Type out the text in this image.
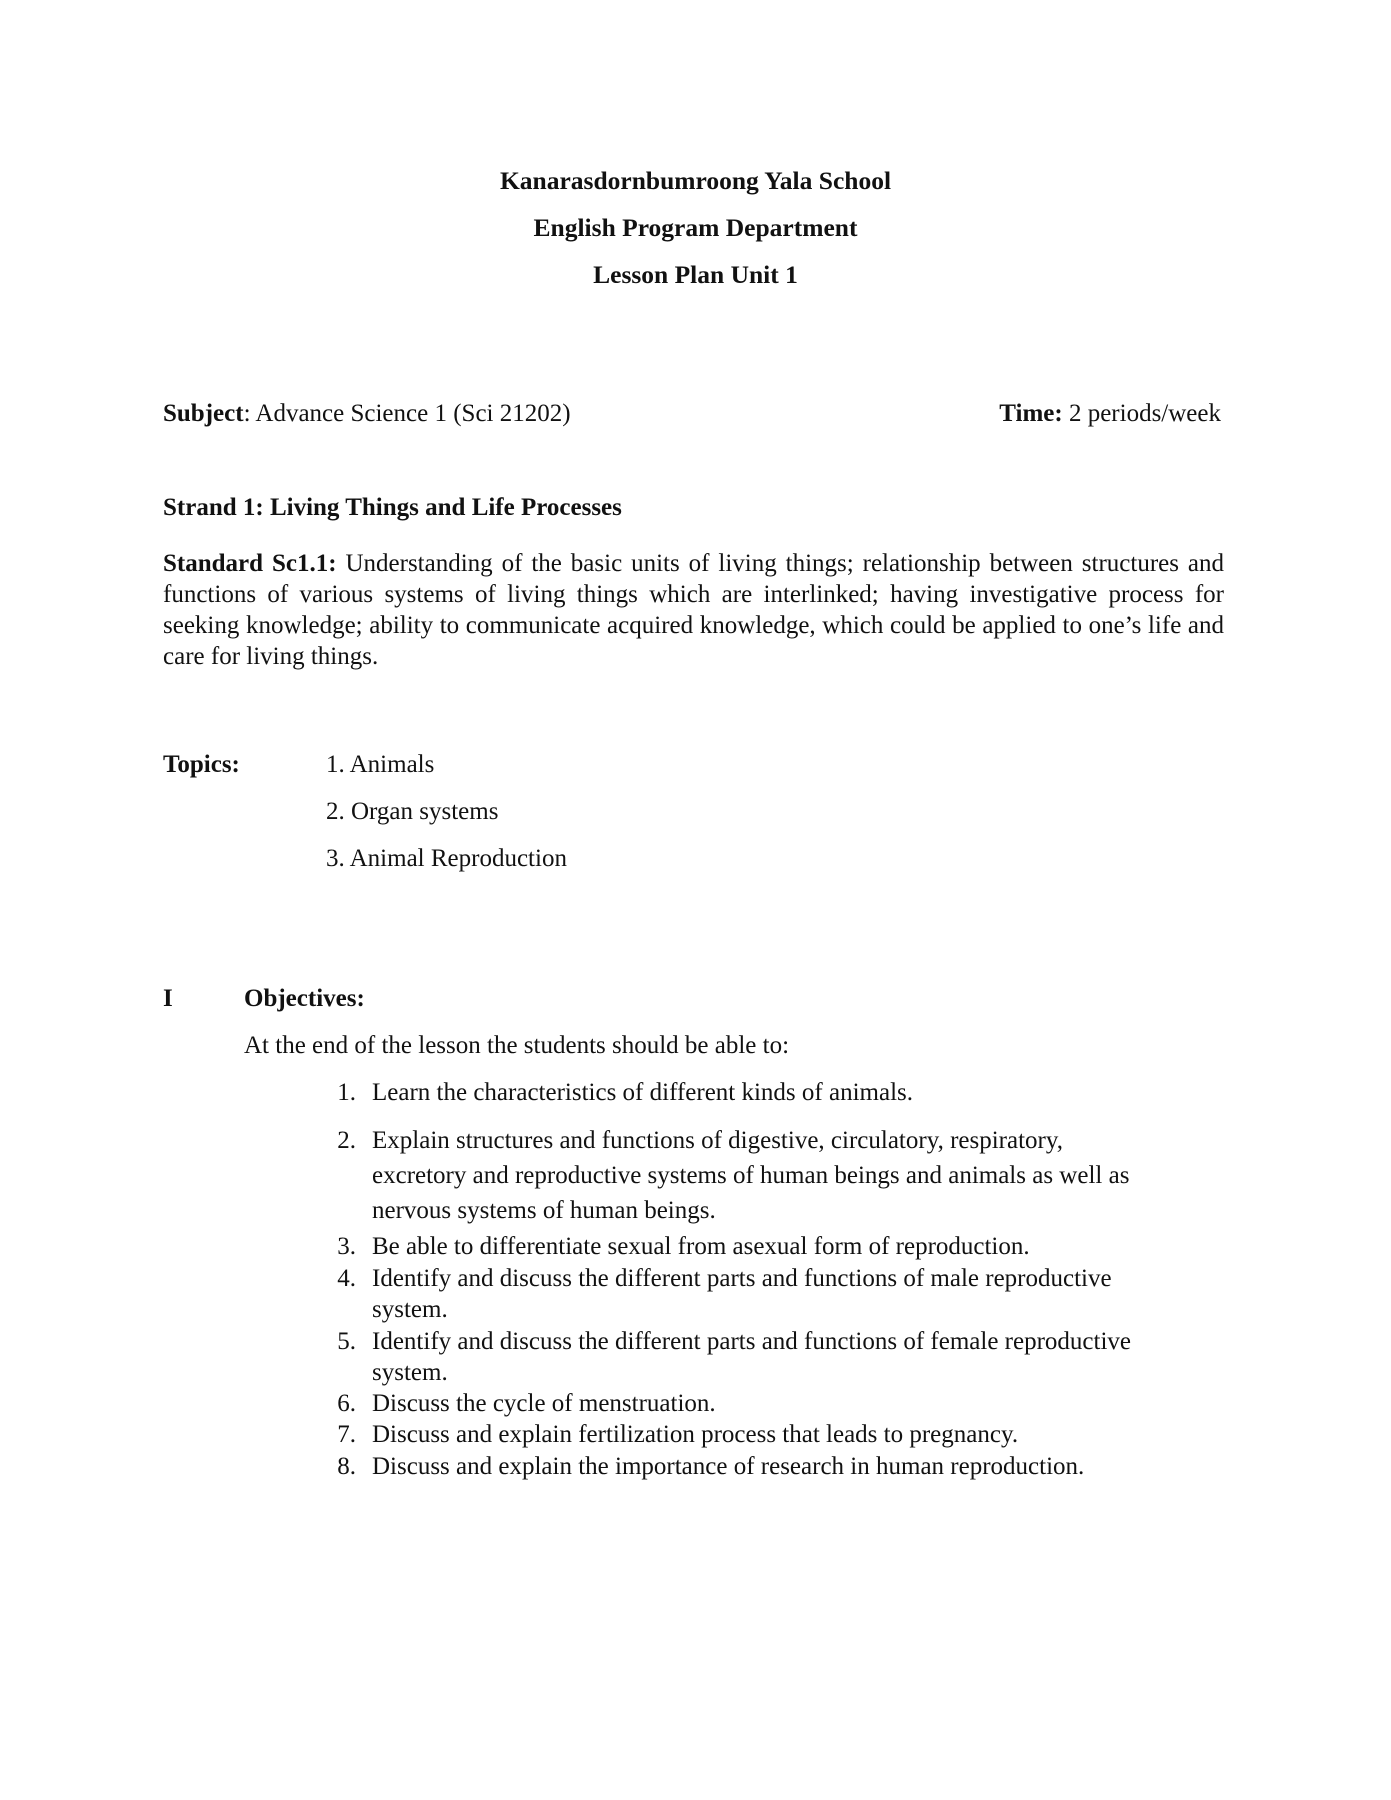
Kanarasdornbumroong Yala School
English Program Department
Lesson Plan Unit 1
Subject: Advance Science 1 (Sci 21202)	Time: 2 periods/week
Strand 1: Living Things and Life Processes
Standard Sc1.1: Understanding of the basic units of living things; relationship between structures and functions of various systems of living things which are interlinked; having investigative process for seeking knowledge; ability to communicate acquired knowledge, which could be applied to one’s life and care for living things.
Topics:	1. Animals
2. Organ systems
3. Animal Reproduction
I	Objectives:
At the end of the lesson the students should be able to:
1. Learn the characteristics of different kinds of animals.
2. Explain structures and functions of digestive, circulatory, respiratory,
excretory and reproductive systems of human beings and animals as well as
nervous systems of human beings.
3. Be able to differentiate sexual from asexual form of reproduction.
4. Identify and discuss the different parts and functions of male reproductive
system.
5. Identify and discuss the different parts and functions of female reproductive
system.
6. Discuss the cycle of menstruation.
7. Discuss and explain fertilization process that leads to pregnancy.
8. Discuss and explain the importance of research in human reproduction.
